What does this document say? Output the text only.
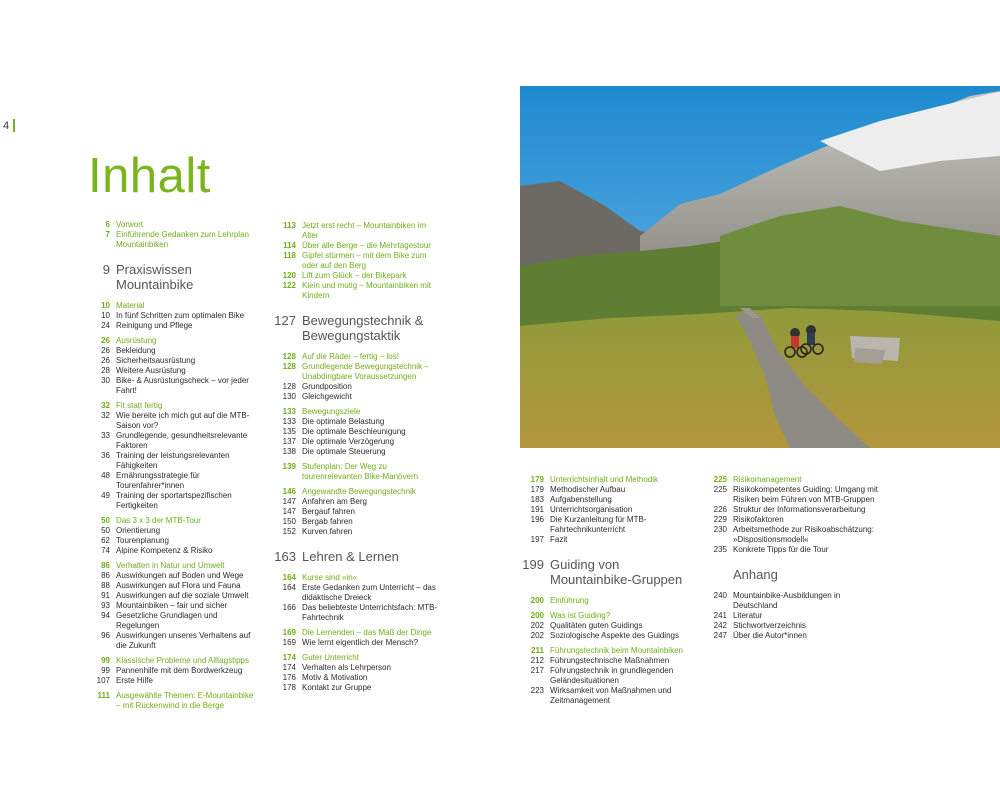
4
Inhalt
6 Vorwort
7 Einführende Gedanken zum Lehrplan Mountainbiken
9 Praxiswissen Mountainbike
10 Material
10 In fünf Schritten zum optimalen Bike
24 Reinigung und Pflege
26 Ausrüstung
26 Bekleidung
26 Sicherheitsausrüstung
28 Weitere Ausrüstung
30 Bike- & Ausrüstungscheck – vor jeder Fahrt!
32 Fit statt fertig
32 Wie bereite ich mich gut auf die MTB-Saison vor?
33 Grundlegende, gesundheitsrelevante Faktoren
36 Training der leistungsrelevanten Fähigkeiten
48 Ernährungsstrategie für Tourenfahrer*innen
49 Training der sportartspezifischen Fertigkeiten
50 Das 3 x 3 der MTB-Tour
50 Orientierung
62 Tourenplanung
74 Alpine Kompetenz & Risiko
86 Verhalten in Natur und Umwelt
86 Auswirkungen auf Boden und Wege
88 Auswirkungen auf Flora und Fauna
91 Auswirkungen auf die soziale Umwelt
93 Mountainbiken – fair und sicher
94 Gesetzliche Grundlagen und Regelungen
96 Auswirkungen unseres Verhaltens auf die Zukunft
99 Klassische Probleme und Alltagstipps
99 Pannenhilfe mit dem Bordwerkzeug
107 Erste Hilfe
111 Ausgewählte Themen: E-Mountainbike – mit Rückenwind in die Berge
113 Jetzt erst recht – Mountainbiken im Alter
114 Über alle Berge – die Mehrtagestour
118 Gipfel stürmen – mit dem Bike zum oder auf den Berg
120 Lift zum Glück – der Bikepark
122 Klein und mutig – Mountainbiken mit Kindern
127 Bewegungstechnik & Bewegungstaktik
128 Auf die Räder – fertig – los!
128 Grundlegende Bewegungstechnik – Unabdingbare Voraussetzungen
128 Grundposition
130 Gleichgewicht
133 Bewegungsziele
133 Die optimale Belastung
135 Die optimale Beschleunigung
137 Die optimale Verzögerung
138 Die optimale Steuerung
139 Stufenplan: Der Weg zu tourenrelevanten Bike-Manövern
146 Angewandte Bewegungstechnik
147 Anfahren am Berg
147 Bergauf fahren
150 Bergab fahren
152 Kurven fahren
163 Lehren & Lernen
164 Kurse sind »in«
164 Erste Gedanken zum Unterricht – das didaktische Dreieck
166 Das beliebteste Unterrichtsfach: MTB-Fahrtechnik
169 Die Lernenden – das Maß der Dinge
169 Wie lernt eigentlich der Mensch?
174 Guter Unterricht
174 Verhalten als Lehrperson
176 Motiv & Motivation
178 Kontakt zur Gruppe
179 Unterrichtsinhalt und Methodik
179 Methodischer Aufbau
183 Aufgabenstellung
191 Unterrichtsorganisation
196 Die Kurzanleitung für MTB-Fahrtechnikunterricht
197 Fazit
199 Guiding von Mountainbike-Gruppen
200 Einführung
200 Was ist Guiding?
202 Qualitäten guten Guidings
202 Soziologische Aspekte des Guidings
211 Führungstechnik beim Mountainbiken
212 Führungstechnische Maßnahmen
217 Führungstechnik in grundlegenden Geländesituationen
223 Wirksamkeit von Maßnahmen und Zeitmanagement
225 Risikomanagement
225 Risikokompetentes Guiding: Umgang mit Risiken beim Führen von MTB-Gruppen
226 Struktur der Informationsverarbeitung
229 Risikofaktoren
230 Arbeitsmethode zur Risikoabschätzung: »Dispositionsmodell«
235 Konkrete Tipps für die Tour
Anhang
240 Mountainbike-Ausbildungen in Deutschland
241 Literatur
242 Stichwortverzeichnis
247 Über die Autor*innen
